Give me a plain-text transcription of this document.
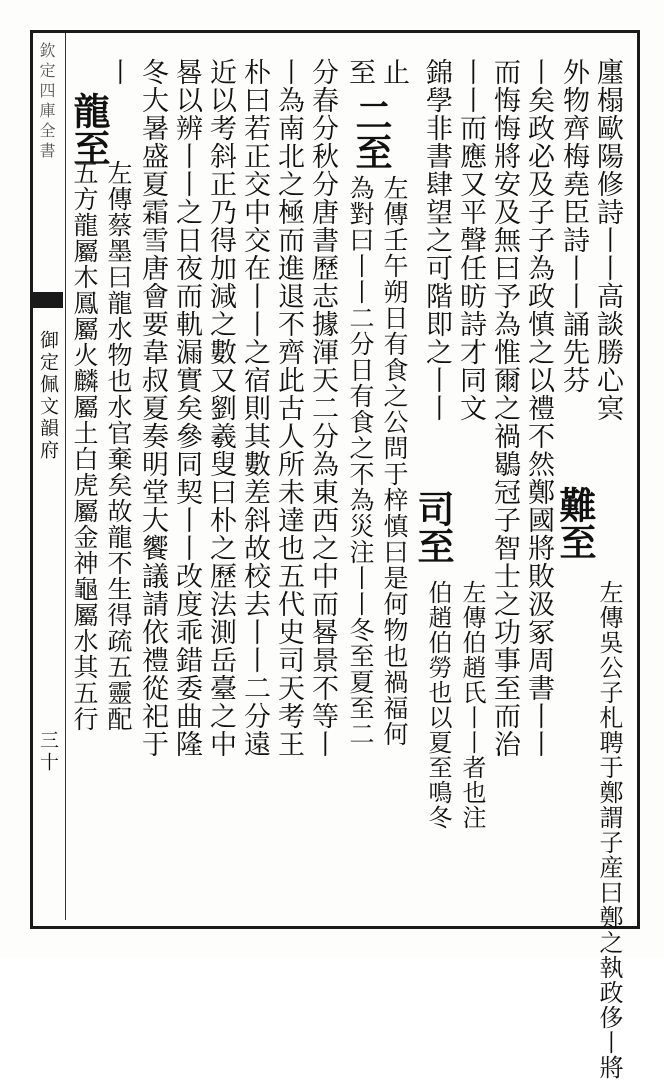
廛榻歐陽修詩丨丨高談勝心㝠
外物齊梅堯臣詩丨丨誦先芬
難至
左傳吳公子札聘于鄭謂子産曰鄭之執政侈丨將
丨矣政必及子子為政慎之以禮不然鄭國將敗汲冢周書丨丨
而悔悔將安及無曰予為惟爾之禍鶡冠子智士之功事至而治
丨丨而應又平聲任昉詩才同文
錦學非書肆望之可階即之丨丨
司至
左傳伯趙氏丨丨者也注
伯趙伯勞也以夏至鳴冬
止
至
二至
左傳壬午朔日有食之公問于梓慎曰是何物也禍福何
為對曰丨丨二分日有食之不為災注丨丨冬至夏至二
分春分秋分唐書歷志據渾天二分為東西之中而晷景不等丨
丨為南北之極而進退不齊此古人所未達也五代史司天考王
朴曰若正交中交在丨丨之宿則其數差斜故校去丨丨二分遠
近以考斜正乃得加減之數又劉羲叟曰朴之歷法測岳臺之中
晷以辨丨丨之日夜而軌漏實矣參同契丨丨改度乖錯委曲隆
冬大暑盛夏霜雪唐會要韋叔夏奏明堂大饗議請依禮從祀于
丨
龍至
左傳蔡墨曰龍水物也水官棄矣故龍不生得疏五靈配
五方龍屬木鳳屬火麟屬土白虎屬金神龜屬水其五行
欽定四庫全書
御定佩文韻府
三十
